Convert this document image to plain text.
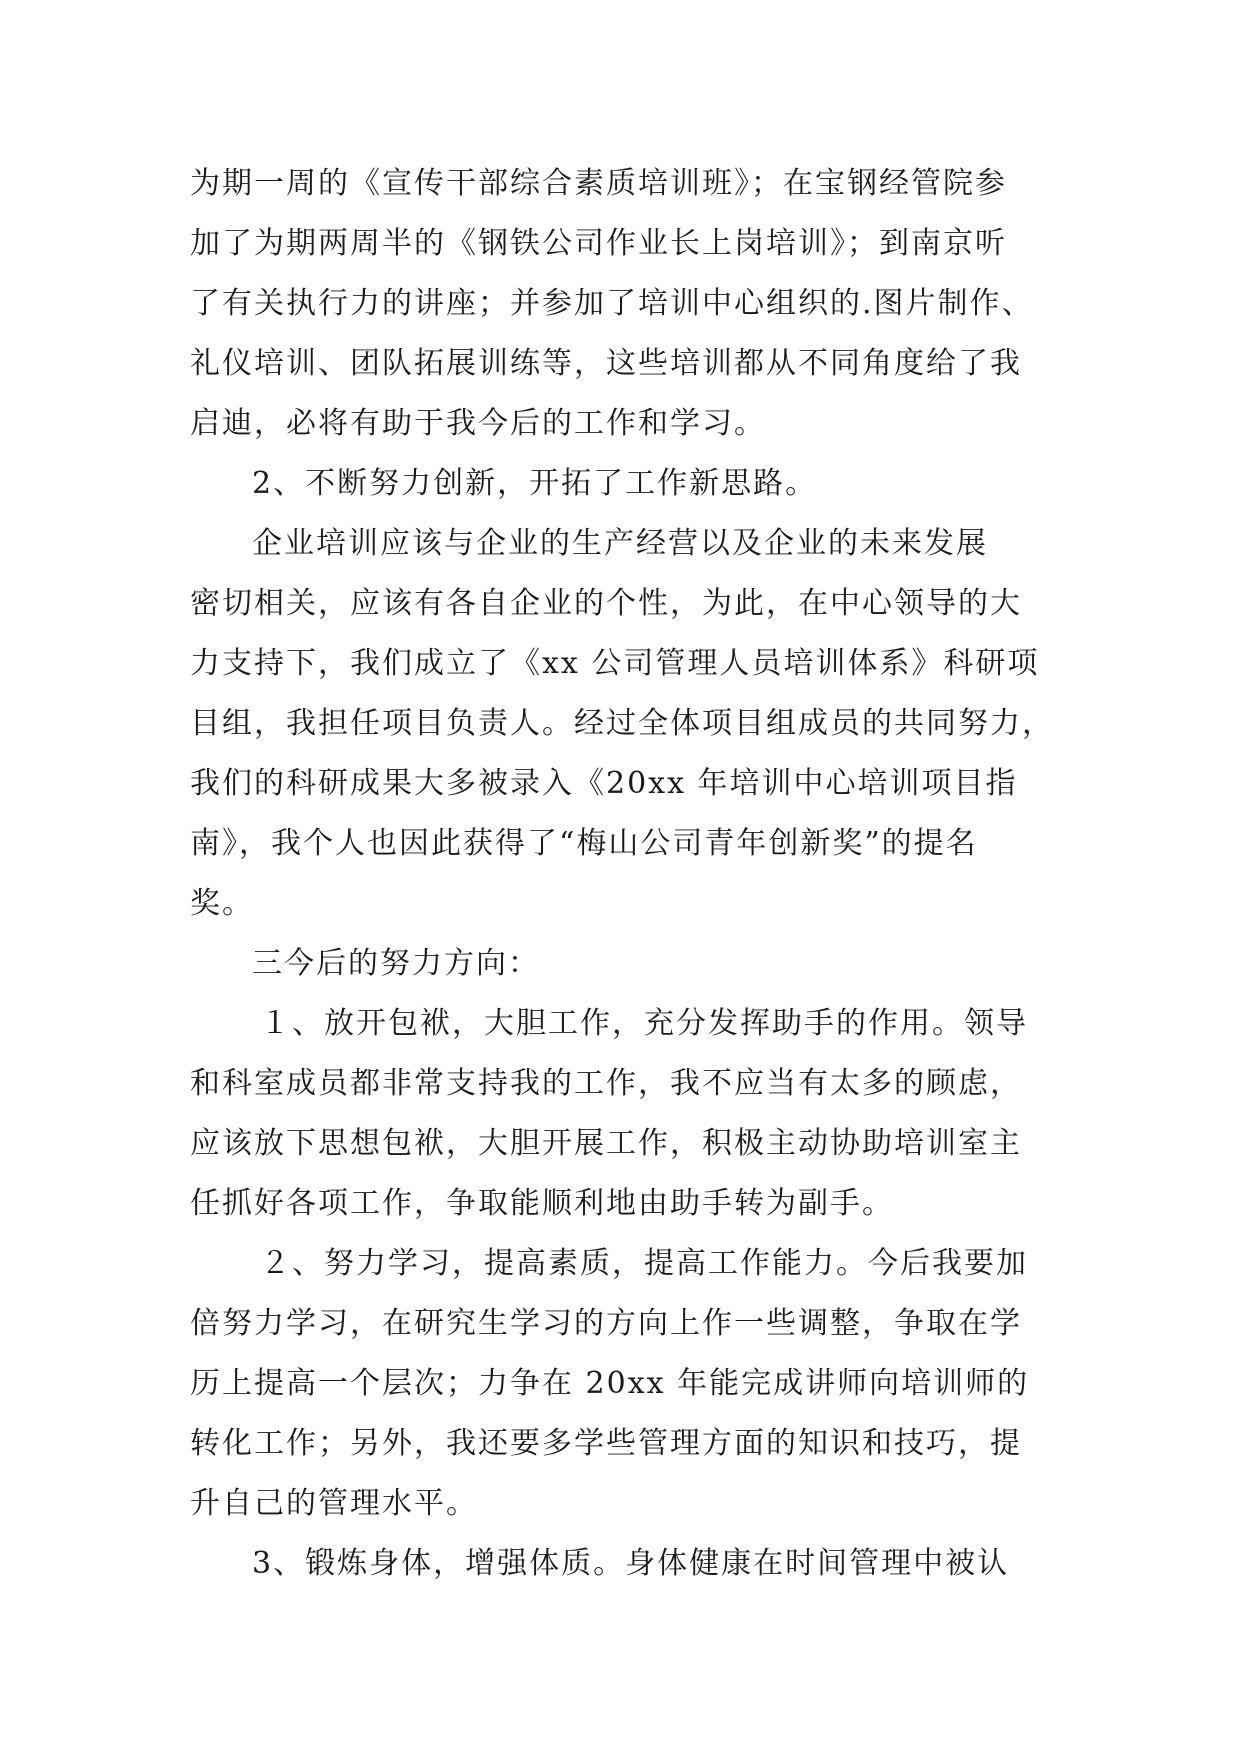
为期一周的《宣传干部综合素质培训班》；在宝钢经管院参
加了为期两周半的《钢铁公司作业长上岗培训》；到南京听
了有关执行力的讲座；并参加了培训中心组织的.图片制作、
礼仪培训、团队拓展训练等，这些培训都从不同角度给了我
启迪，必将有助于我今后的工作和学习。
2、不断努力创新，开拓了工作新思路。
企业培训应该与企业的生产经营以及企业的未来发展
密切相关，应该有各自企业的个性，为此，在中心领导的大
力支持下，我们成立了《xx 公司管理人员培训体系》科研项
目组，我担任项目负责人。经过全体项目组成员的共同努力，
我们的科研成果大多被录入《20xx 年培训中心培训项目指
南》，我个人也因此获得了“梅山公司青年创新奖”的提名
奖。
三今后的努力方向：
１、放开包袱，大胆工作，充分发挥助手的作用。领导
和科室成员都非常支持我的工作，我不应当有太多的顾虑，
应该放下思想包袱，大胆开展工作，积极主动协助培训室主
任抓好各项工作，争取能顺利地由助手转为副手。
２、努力学习，提高素质，提高工作能力。今后我要加
倍努力学习，在研究生学习的方向上作一些调整，争取在学
历上提高一个层次；力争在 20xx 年能完成讲师向培训师的
转化工作；另外，我还要多学些管理方面的知识和技巧，提
升自己的管理水平。
3、锻炼身体，增强体质。身体健康在时间管理中被认
